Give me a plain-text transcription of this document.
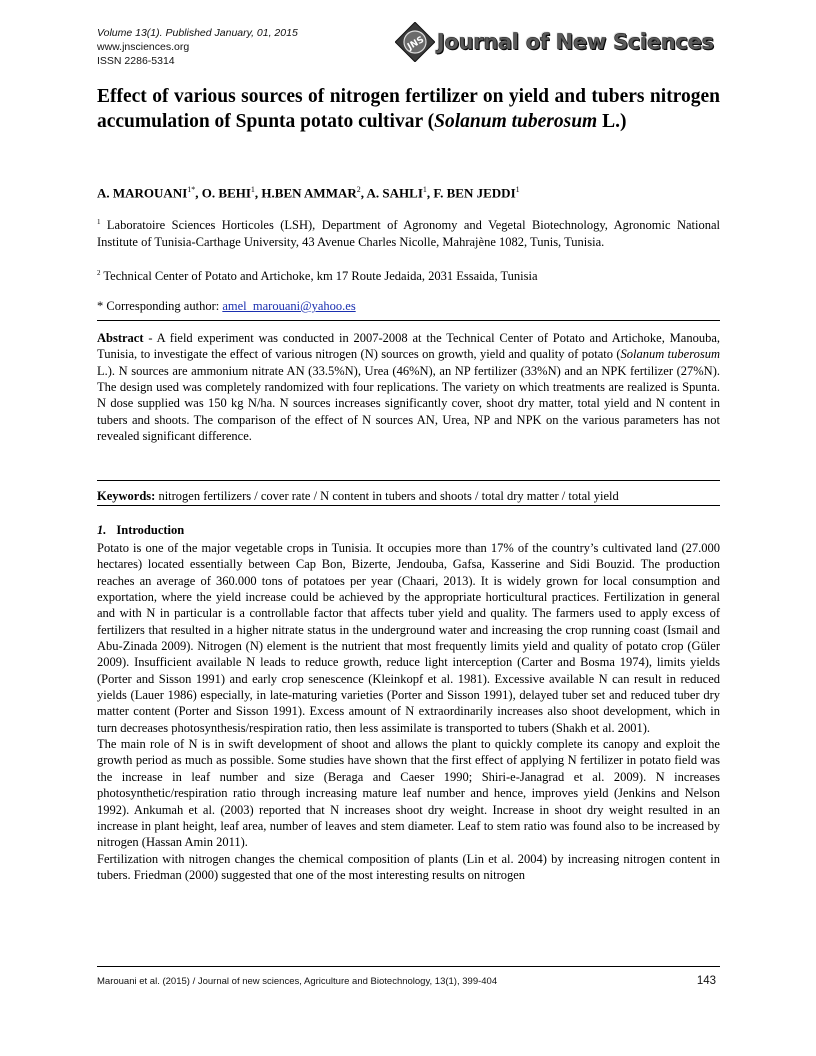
Volume 13(1). Published January, 01, 2015
www.jnsciences.org
ISSN 2286-5314
JNS Journal of New Sciences
Effect of various sources of nitrogen fertilizer on yield and tubers nitrogen accumulation of Spunta potato cultivar (Solanum tuberosum L.)
A. $MAROUANI^{1*}$, O. BEHI$^1$, H.BEN AMMAR$^2$, A. SAHLI$^1$, F. BEN JEDDI$^1$
$^1$ Laboratoire Sciences Horticoles (LSH), Department of Agronomy and Vegetal Biotechnology, Agronomic National Institute of Tunisia-Carthage University, 43 Avenue Charles Nicolle, Mahrajène 1082, Tunis, Tunisia.
$^2$ Technical Center of Potato and Artichoke, km 17 Route Jedaida, 2031 Essaida, Tunisia
* Corresponding author: amel_marouani@yahoo.es
Abstract - A field experiment was conducted in 2007-2008 at the Technical Center of Potato and Artichoke, Manouba, Tunisia, to investigate the effect of various nitrogen (N) sources on growth, yield and quality of potato (Solanum tuberosum L.). N sources are ammonium nitrate AN (33.5%N), Urea (46%N), an NP fertilizer (33%N) and an NPK fertilizer (27%N). The design used was completely randomized with four replications. The variety on which treatments are realized is Spunta. N dose supplied was 150 kg N/ha. N sources increases significantly cover, shoot dry matter, total yield and N content in tubers and shoots. The comparison of the effect of N sources AN, Urea, NP and NPK on the various parameters has not revealed significant difference.
Keywords: nitrogen fertilizers / cover rate / N content in tubers and shoots / total dry matter / total yield
1. Introduction

Potato is one of the major vegetable crops in Tunisia. It occupies more than 17% of the country’s cultivated land (27.000 hectares) located essentially between Cap Bon, Bizerte, Jendouba, Gafsa, Kasserine and Sidi Bouzid. The production reaches an average of 360.000 tons of potatoes per year (Chaari, 2013). It is widely grown for local consumption and exportation, where the yield increase could be achieved by the appropriate horticultural practices. Fertilization in general and with N in particular is a controllable factor that affects tuber yield and quality. The farmers used to apply excess of fertilizers that resulted in a higher nitrate status in the underground water and increasing the crop running coast (Ismail and Abu-Zinada 2009). Nitrogen (N) element is the nutrient that most frequently limits yield and quality of potato crop (Güler 2009). Insufficient available N leads to reduce growth, reduce light interception (Carter and Bosma 1974), limits yields (Porter and Sisson 1991) and early crop senescence (Kleinkopf et al. 1981). Excessive available N can result in reduced yields (Lauer 1986) especially, in late-maturing varieties (Porter and Sisson 1991), delayed tuber set and reduced tuber dry matter content (Porter and Sisson 1991). Excess amount of N extraordinarily increases also shoot development, which in turn decreases photosynthesis/respiration ratio, then less assimilate is transported to tubers (Shakh et al. 2001).

The main role of N is in swift development of shoot and allows the plant to quickly complete its canopy and exploit the growth period as much as possible. Some studies have shown that the first effect of applying N fertilizer in potato field was the increase in leaf number and size (Beraga and Caeser 1990; Shiri-e-Janagrad et al. 2009). N increases photosynthetic/respiration ratio through increasing mature leaf number and hence, improves yield (Jenkins and Nelson 1992). Ankumah et al. (2003) reported that N increases shoot dry weight. Increase in shoot dry weight resulted in an increase in plant height, leaf area, number of leaves and stem diameter. Leaf to stem ratio was found also to be increased by nitrogen (Hassan Amin 2011).

Fertilization with nitrogen changes the chemical composition of plants (Lin et al. 2004) by increasing nitrogen content in tubers. Friedman (2000) suggested that one of the most interesting results on nitrogen

Marouani et al. (2015) / Journal of new sciences, Agriculture and Biotechnology, 13(1), 399-404	143
